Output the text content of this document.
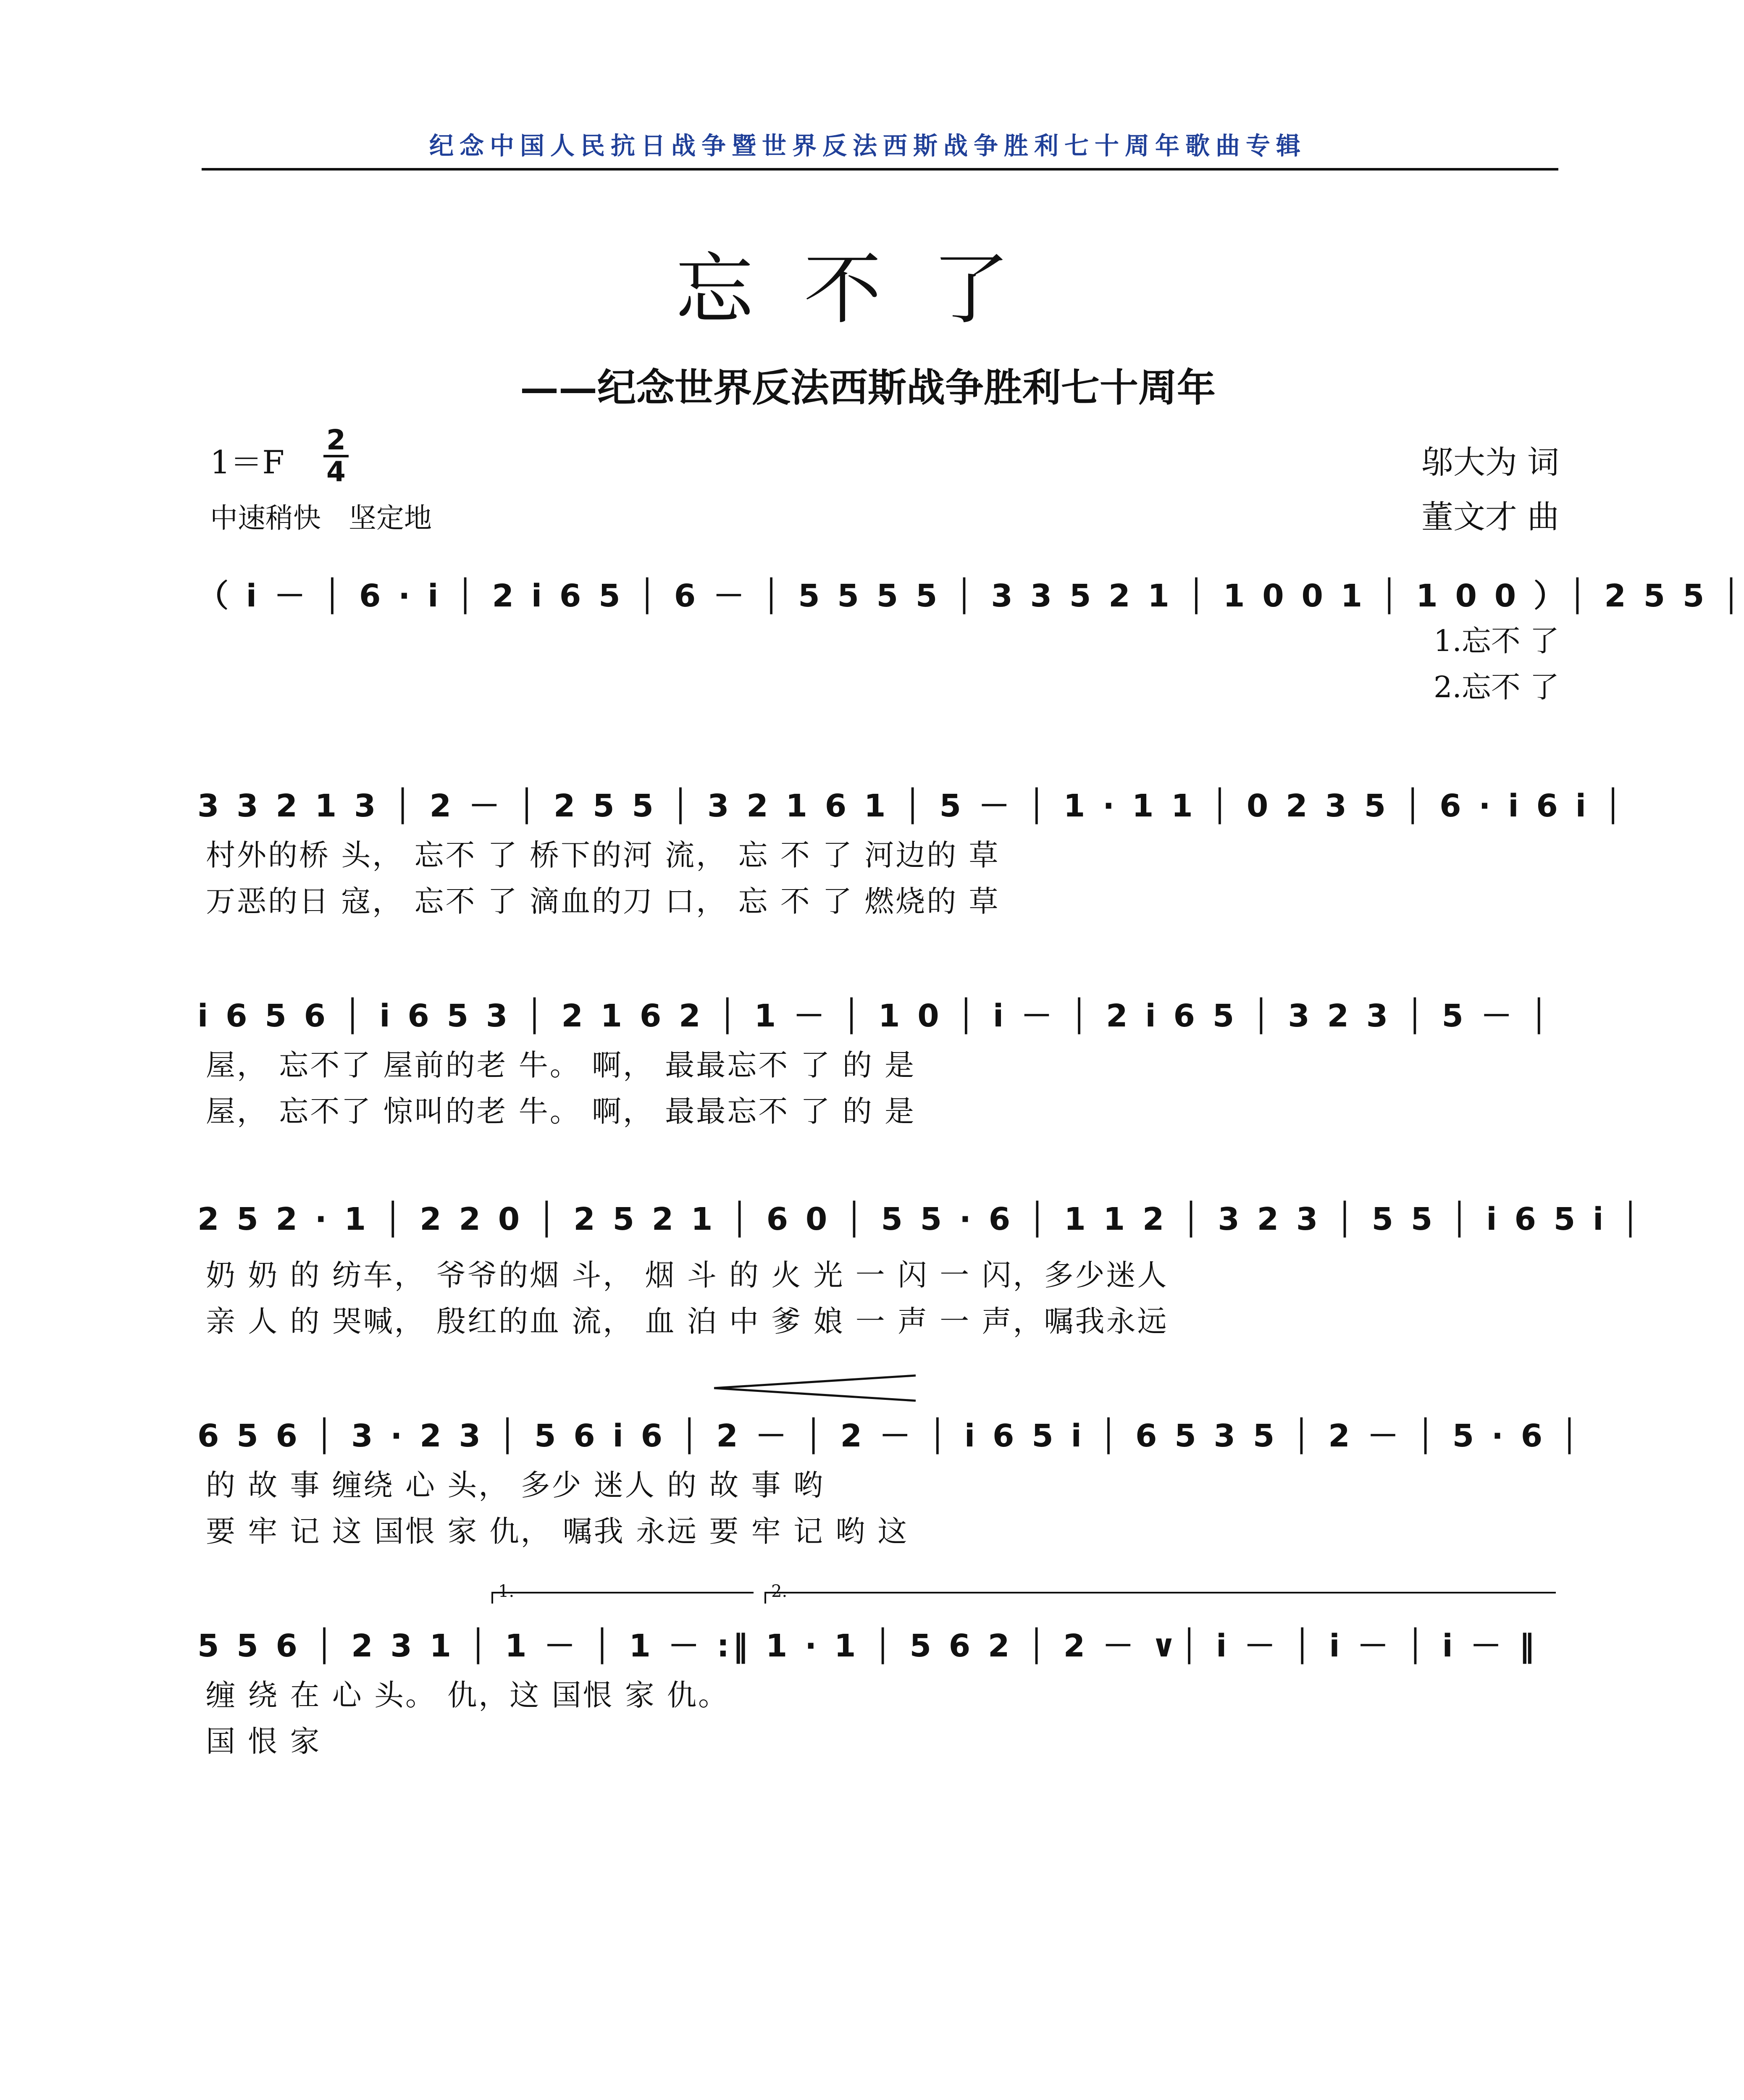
纪念中国人民抗日战争暨世界反法西斯战争胜利七十周年歌曲专辑
忘不了
——纪念世界反法西斯战争胜利七十周年
1＝F
2
4
中速稍快　坚定地
邬大为 词
董文才 曲
（ i － │ 6 · i │ 2 i 6 5 │ 6 － │ 5 5 5 5 │ 3 3 5 2 1 │ 1 0 0 1 │ 1 0 0 ）│ 2 5 5 │
1.忘不 了
2.忘不 了
3 3 2 1 3 │ 2 － │ 2 5 5 │ 3 2 1 6 1 │ 5 － │ 1 · 1 1 │ 0 2 3 5 │ 6 · i 6 i │
村外的桥 头， 忘不 了 桥下的河 流， 忘 不 了 河边的 草
万恶的日 寇， 忘不 了 滴血的刀 口， 忘 不 了 燃烧的 草
i 6 5 6 │ i 6 5 3 │ 2 1 6 2 │ 1 － │ 1 0 │ i － │ 2 i 6 5 │ 3 2 3 │ 5 － │
屋， 忘不了 屋前的老 牛。 啊， 最最忘不 了 的 是
屋， 忘不了 惊叫的老 牛。 啊， 最最忘不 了 的 是
2 5 2 · 1 │ 2 2 0 │ 2 5 2 1 │ 6 0 │ 5 5 · 6 │ 1 1 2 │ 3 2 3 │ 5 5 │ i 6 5 i │
奶 奶 的 纺车， 爷爷的烟 斗， 烟 斗 的 火 光 一 闪 一 闪，多少迷人
亲 人 的 哭喊， 殷红的血 流， 血 泊 中 爹 娘 一 声 一 声，嘱我永远
6 5 6 │ 3 · 2 3 │ 5 6 i 6 │ 2 － │ 2 － │ i 6 5 i │ 6 5 3 5 │ 2 － │ 5 · 6 │
的 故 事 缠绕 心 头， 多少 迷人 的 故 事 哟
要 牢 记 这 国恨 家 仇， 嘱我 永远 要 牢 记 哟 这
1.	2.
5 5 6 │ 2 3 1 │ 1 － │ 1 － :‖ 1 · 1 │ 5 6 2 │ 2 － ∨│ i － │ i － │ i － ‖
缠 绕 在 心 头。 仇，这 国恨 家 仇。
国 恨 家
